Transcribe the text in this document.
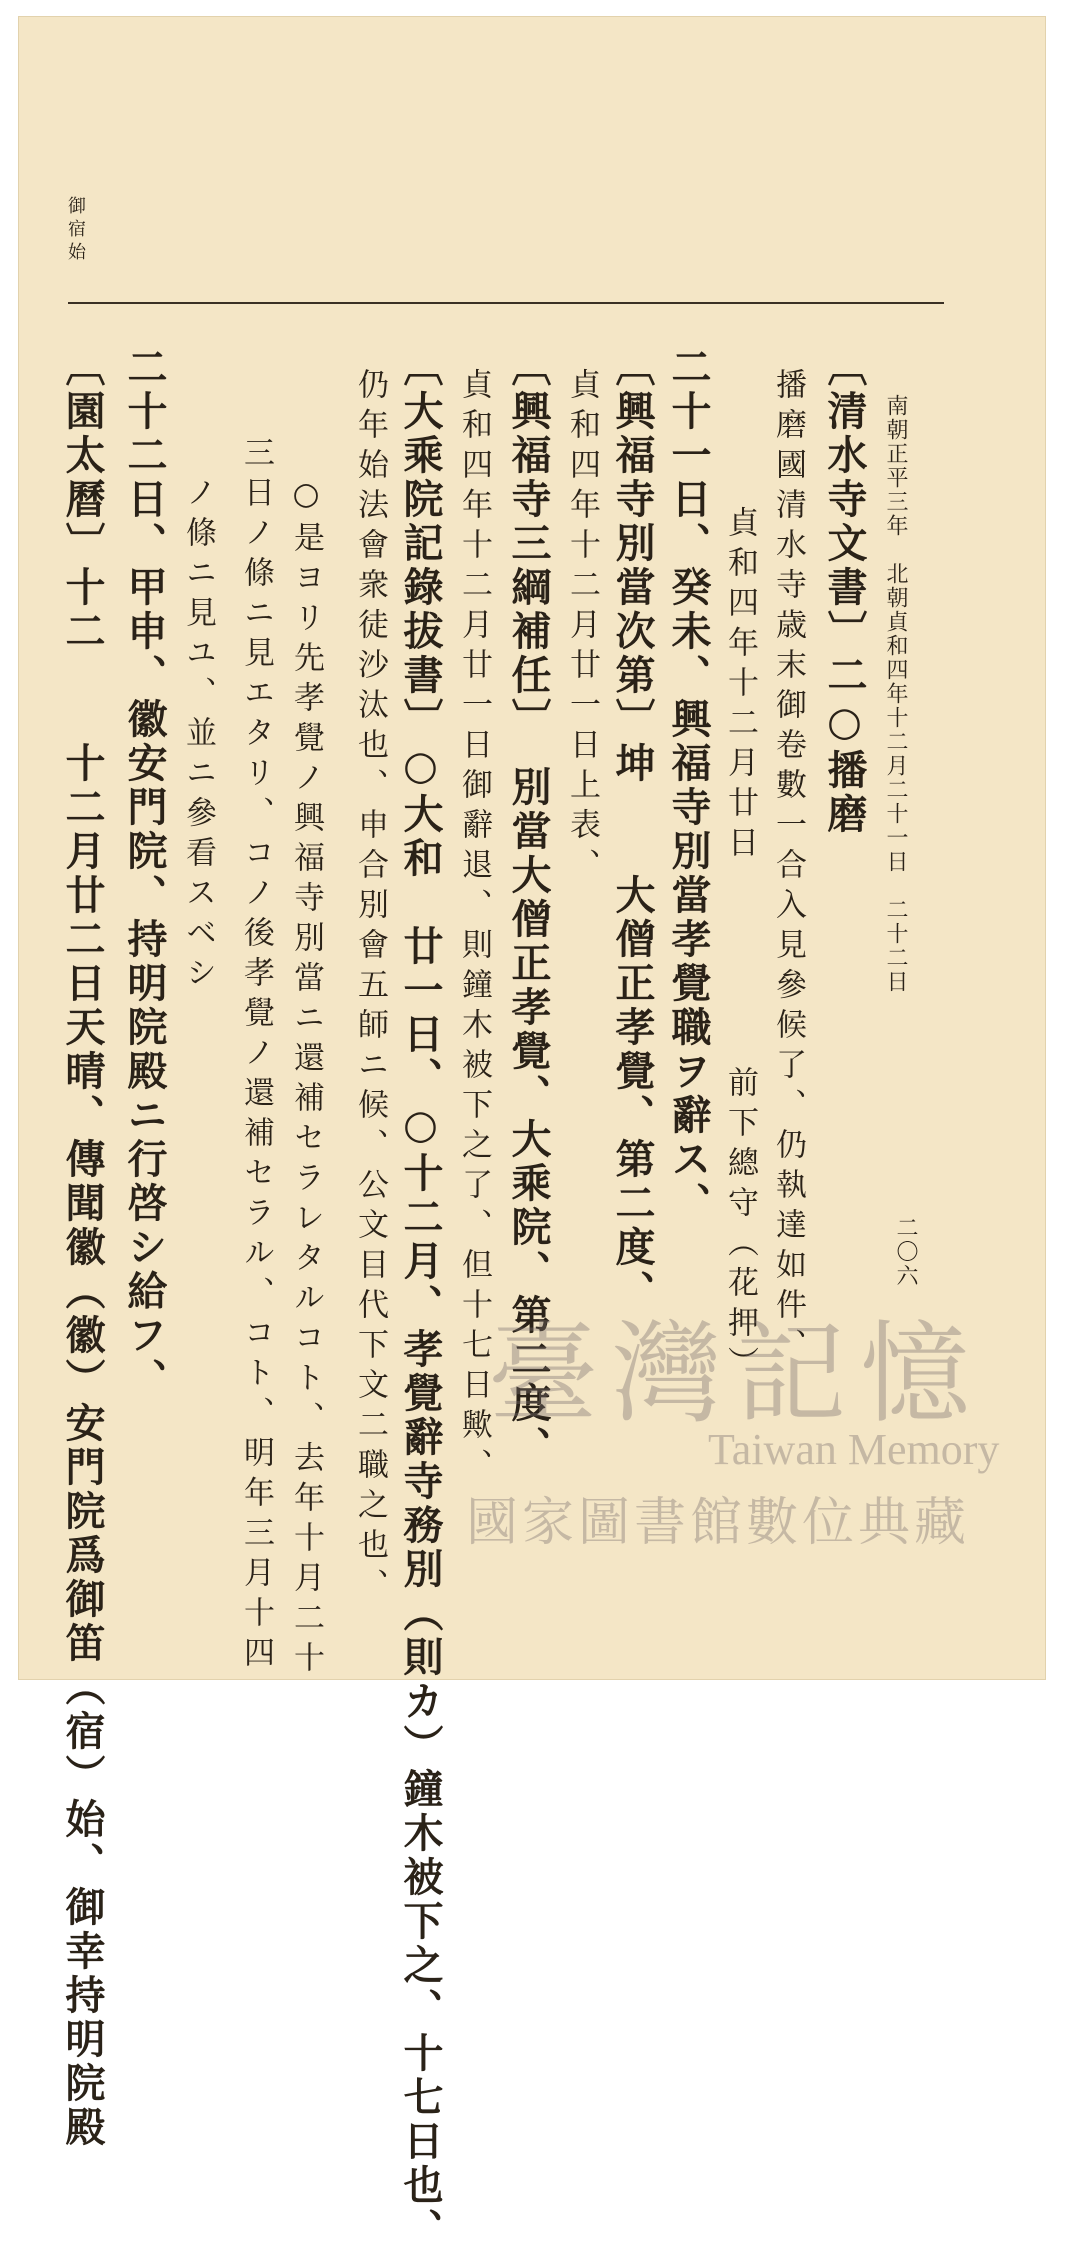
御宿始
南朝正平三年　北朝貞和四年十二月二十一日　二十二日
二〇六
〔清水寺文書〕二○播磨
播磨國清水寺歳末御卷數一合入見參候了、仍執達如件、
貞和四年十二月廿日　　　　　前下總守（花押）
二十一日、癸未、興福寺別當孝覺職ヲ辭ス、
〔興福寺別當次第〕坤　　大僧正孝覺、第二度、
貞和四年十二月廿一日上表、
〔興福寺三綱補任〕　別當大僧正孝覺、大乘院、第二度、
貞和四年十二月廿一日御辭退、則鐘木被下之了、但十七日歟、
〔大乘院記錄拔書〕○大和　廿一日、○十二月、孝覺辭寺務別（則カ）鐘木被下之、十七日也、
仍年始法會衆徒沙汰也、申合別會五師ニ候、公文目代下文二職之也、
○是ヨリ先孝覺ノ興福寺別當ニ還補セラレタルコト、去年十月二十
三日ノ條ニ見エタリ、コノ後孝覺ノ還補セラル、コト、明年三月十四
ノ條ニ見ユ、並ニ參看スベシ
二十二日、甲申、徽安門院、持明院殿ニ行啓シ給フ、
〔園太曆〕十二　　十二月廿二日天晴、傳聞徽（徽）安門院爲御笛（宿）始、御幸持明院殿	臺灣記憶
Taiwan Memory
國家圖書館數位典藏
